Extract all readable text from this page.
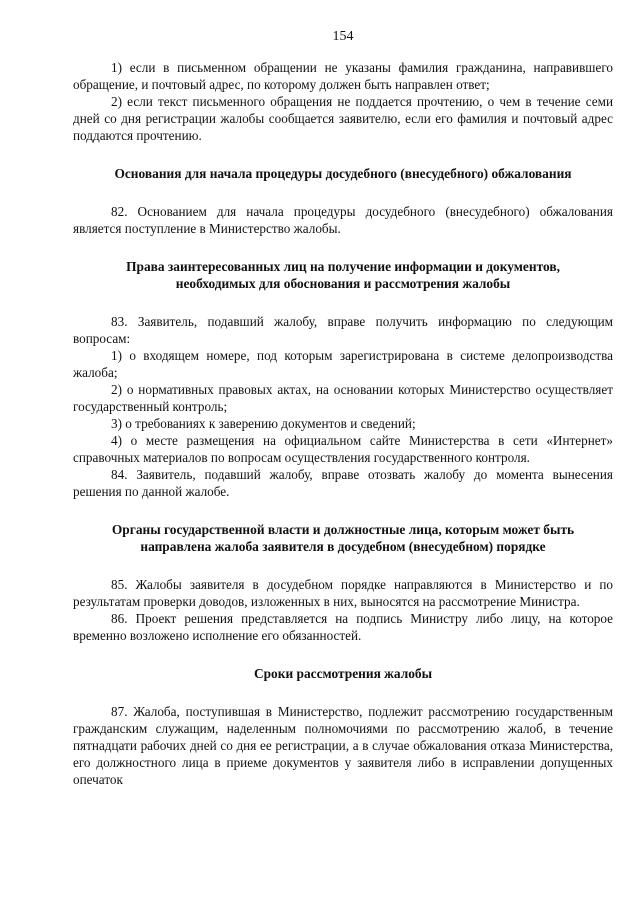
154

1) если в письменном обращении не указаны фамилия гражданина, направившего обращение, и почтовый адрес, по которому должен быть направлен ответ;

2) если текст письменного обращения не поддается прочтению, о чем в течение семи дней со дня регистрации жалобы сообщается заявителю, если его фамилия и почтовый адрес поддаются прочтению.

Основания для начала процедуры досудебного (внесудебного) обжалования

82. Основанием для начала процедуры досудебного (внесудебного) обжалования является поступление в Министерство жалобы.

Права заинтересованных лиц на получение информации и документов,
необходимых для обоснования и рассмотрения жалобы

83. Заявитель, подавший жалобу, вправе получить информацию по следующим вопросам:

1) о входящем номере, под которым зарегистрирована в системе делопроизводства жалоба;

2) о нормативных правовых актах, на основании которых Министерство осуществляет государственный контроль;

3) о требованиях к заверению документов и сведений;

4) о месте размещения на официальном сайте Министерства в сети «Интернет» справочных материалов по вопросам осуществления государственного контроля.

84. Заявитель, подавший жалобу, вправе отозвать жалобу до момента вынесения решения по данной жалобе.

Органы государственной власти и должностные лица, которым может быть
направлена жалоба заявителя в досудебном (внесудебном) порядке

85. Жалобы заявителя в досудебном порядке направляются в Министерство и по результатам проверки доводов, изложенных в них, выносятся на рассмотрение Министра.

86. Проект решения представляется на подпись Министру либо лицу, на которое временно возложено исполнение его обязанностей.

Сроки рассмотрения жалобы

87. Жалоба, поступившая в Министерство, подлежит рассмотрению государственным гражданским служащим, наделенным полномочиями по рассмотрению жалоб, в течение пятнадцати рабочих дней со дня ее регистрации, а в случае обжалования отказа Министерства, его должностного лица в приеме документов у заявителя либо в исправлении допущенных опечаток
